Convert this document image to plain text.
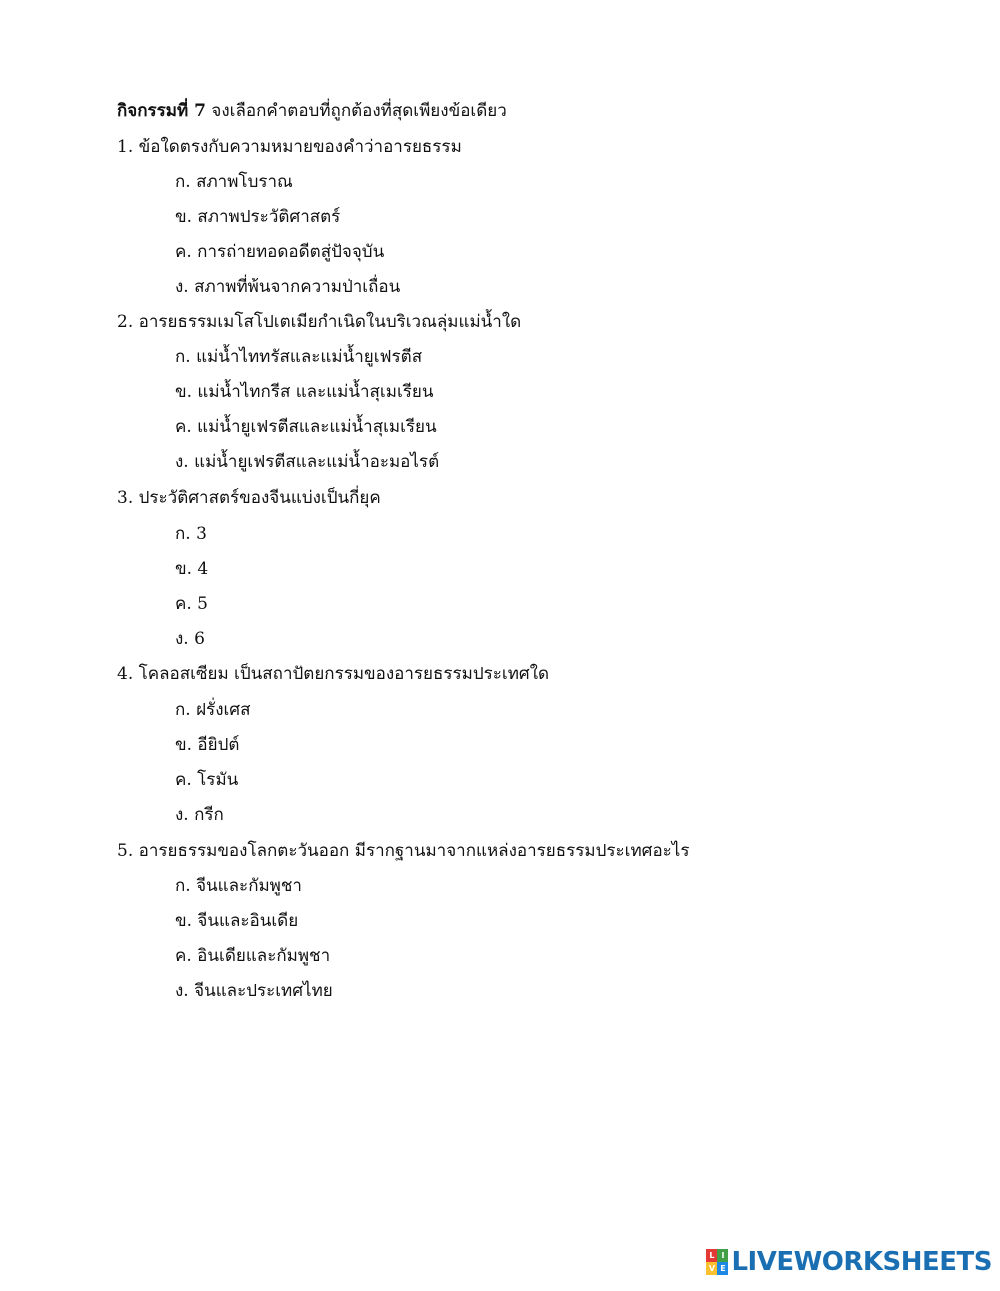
กิจกรรมที่ 7 จงเลือกคำตอบที่ถูกต้องที่สุดเพียงข้อเดียว
1. ข้อใดตรงกับความหมายของคำว่าอารยธรรม
ก. สภาพโบราณ
ข. สภาพประวัติศาสตร์
ค. การถ่ายทอดอดีตสู่ปัจจุบัน
ง. สภาพที่พ้นจากความป่าเถื่อน
2. อารยธรรมเมโสโปเตเมียกำเนิดในบริเวณลุ่มแม่น้ำใด
ก. แม่น้ำไททรัสและแม่น้ำยูเฟรตีส
ข. แม่น้ำไทกรีส และแม่น้ำสุเมเรียน
ค. แม่น้ำยูเฟรตีสและแม่น้ำสุเมเรียน
ง. แม่น้ำยูเฟรตีสและแม่น้ำอะมอไรต์
3. ประวัติศาสตร์ของจีนแบ่งเป็นกี่ยุค
ก. 3
ข. 4
ค. 5
ง. 6
4. โคลอสเซียม เป็นสถาปัตยกรรมของอารยธรรมประเทศใด
ก. ฝรั่งเศส
ข. อียิปต์
ค. โรมัน
ง. กรีก
5. อารยธรรมของโลกตะวันออก มีรากฐานมาจากแหล่งอารยธรรมประเทศอะไร
ก. จีนและกัมพูชา
ข. จีนและอินเดีย
ค. อินเดียและกัมพูชา
ง. จีนและประเทศไทย
L I
V E LIVEWORKSHEETS
